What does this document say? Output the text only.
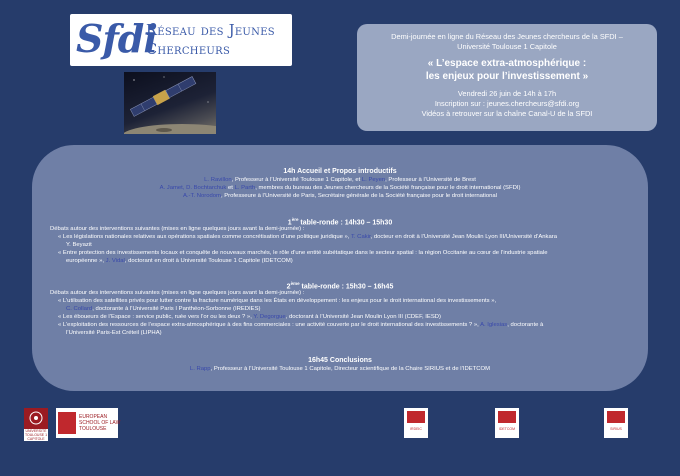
Sfdi
Réseau des Jeunes
Chercheurs
Demi-journée en ligne du Réseau des Jeunes chercheurs de la SFDI –
Université Toulouse 1 Capitole
« L’espace extra-atmosphérique :
les enjeux pour l’investissement »
Vendredi 26 juin de 14h à 17h
Inscription sur : jeunes.chercheurs@sfdi.org
Vidéos à retrouver sur la chaîne Canal-U de la SFDI
14h Accueil et Propos introductifs
L. Ravillon, Professeur à l’Université Toulouse 1 Capitole, et L. Peyen, Professeur à l’Université de Brest
A. Jamet, D. Bochtarchuk et L. Parth, membres du bureau des Jeunes chercheurs de la Société française pour le droit international (SFDI)
A.-T. Norodom, Professeure à l’Université de Paris, Secrétaire générale de la Société française pour le droit international
1ère table-ronde : 14h30 – 15h30
Débats autour des interventions suivantes (mises en ligne quelques jours avant la demi-journée) :
« Les législations nationales relatives aux opérations spatiales comme concrétisation d’une politique juridique », T. Cakir, docteur en droit à l’Université Jean Moulin Lyon III/Université d’Ankara
Y. Beyazit
« Entre protection des investissements locaux et conquête de nouveaux marchés, le rôle d’une entité subétatique dans le secteur spatial : la région Occitanie au cœur de l’industrie spatiale
européenne », J. Vidal, doctorant en droit à Université Toulouse 1 Capitole (IDETCOM)
2ème table-ronde : 15h30 – 16h45
Débats autour des interventions suivantes (mises en ligne quelques jours avant la demi-journée) :
« L’utilisation des satellites privés pour lutter contre la fracture numérique dans les États en développement : les enjeux pour le droit international des investissements »,
C. Collard, doctorante à l’Université Paris I Panthéon-Sorbonne (IREDIES)
« Les éboueurs de l’Espace : service public, ruée vers l’or ou les deux ? », Y. Degorgue, doctorant à l’Université Jean Moulin Lyon III (CDEF, IESD)
« L’exploitation des ressources de l’espace extra-atmosphérique à des fins commerciales : une activité couverte par le droit international des investissements ? », A. Iglesias, doctorante à
l’Université Paris-Est Créteil (LIPHA)
16h45 Conclusions
L. Rapp, Professeur à l’Université Toulouse 1 Capitole, Directeur scientifique de la Chaire SIRIUS et de l’IDETCOM
UNIVERSITÉ TOULOUSE 1 CAPITOLE
EUROPEAN
SCHOOL OF LAW
TOULOUSE	IRDEIC	IDETCOM	SIRIUS
